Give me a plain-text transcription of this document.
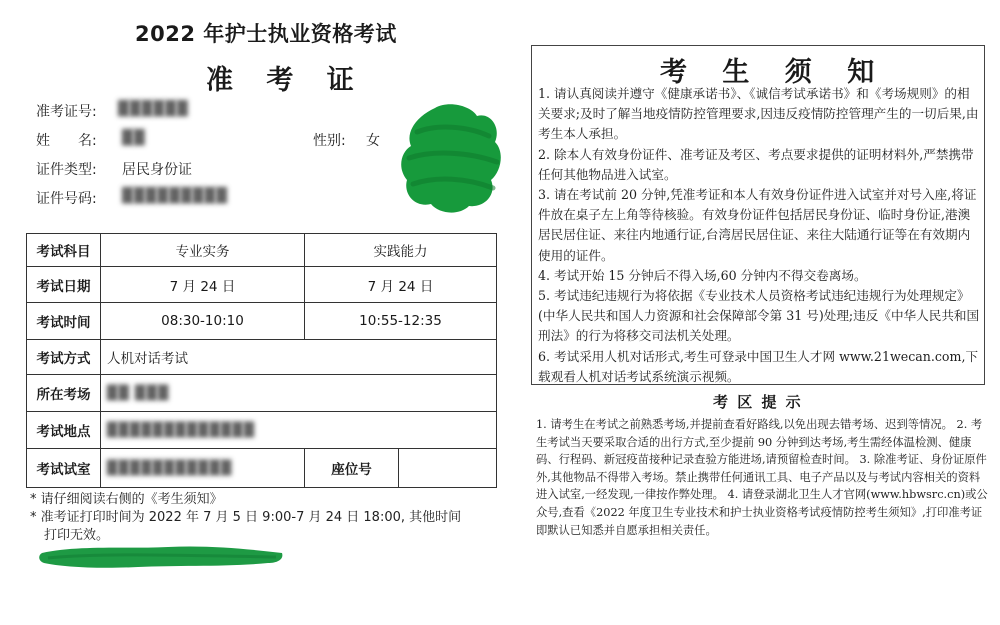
2022 年护士执业资格考试
准 考 证
准考证号: ██████
姓　　名: ██	性别: 女
证件类型: 居民身份证
证件号码: █████████
考试科目	专业实务	实践能力	
考试日期	7 月 24 日	7 月 24 日	
考试时间	08:30-10:10	10:55-12:35	
考试方式	人机对话考试		
所在考场	██ ███		
考试地点	█████████████		
考试试室	███████████	座位号	
* 请仔细阅读右侧的《考生须知》
* 准考证打印时间为 2022 年 7 月 5 日 9:00-7 月 24 日 18:00, 其他时间
打印无效。
考 生 须 知

1. 请认真阅读并遵守《健康承诺书》、《诚信考试承诺书》和《考场规则》的相关要求;及时了解当地疫情防控管理要求,因违反疫情防控管理产生的一切后果,由考生本人承担。

2. 除本人有效身份证件、准考证及考区、考点要求提供的证明材料外,严禁携带任何其他物品进入试室。

3. 请在考试前 20 分钟,凭准考证和本人有效身份证件进入试室并对号入座,将证件放在桌子左上角等待核验。有效身份证件包括居民身份证、临时身份证,港澳居民居住证、来往内地通行证,台湾居民居住证、来往大陆通行证等在有效期内使用的证件。

4. 考试开始 15 分钟后不得入场,60 分钟内不得交卷离场。

5. 考试违纪违规行为将依据《专业技术人员资格考试违纪违规行为处理规定》(中华人民共和国人力资源和社会保障部令第 31 号)处理;违反《中华人民共和国刑法》的行为将移交司法机关处理。

6. 考试采用人机对话形式,考生可登录中国卫生人才网 www.21wecan.com,下载观看人机对话考试系统演示视频。

考 区 提 示

1. 请考生在考试之前熟悉考场,并提前查看好路线,以免出现去错考场、迟到等情况。 2. 考生考试当天要采取合适的出行方式,至少提前 90 分钟到达考场,考生需经体温检测、健康码、行程码、新冠疫苗接种记录查验方能进场,请预留检查时间。 3. 除准考证、身份证原件外,其他物品不得带入考场。禁止携带任何通讯工具、电子产品以及与考试内容相关的资料进入试室,一经发现,一律按作弊处理。 4. 请登录湖北卫生人才官网(www.hbwsrc.cn)或公众号,查看《2022 年度卫生专业技术和护士执业资格考试疫情防控考生须知》,打印准考证即默认已知悉并自愿承担相关责任。
